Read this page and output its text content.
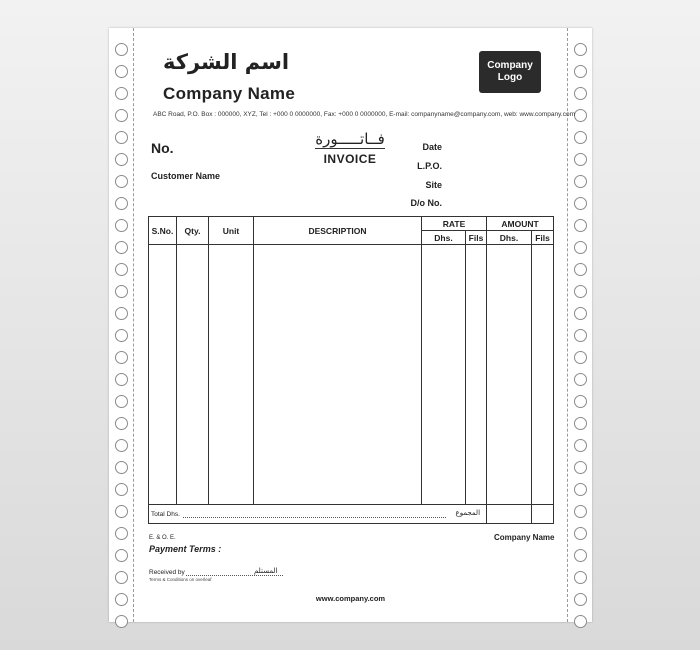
اسم الشركة
Company Name
ABC Road, P.O. Box : 000000, XYZ, Tel : +000 0 0000000, Fax: +000 0 0000000, E-mail: companyname@company.com, web: www.company.com
Company Logo
No.
Customer Name
فــاتـــــورة
INVOICE
Date
L.P.O.
Site
D/o No.
S.No.	Qty.	Unit	DESCRIPTION	RATE		AMOUNT	
				Dhs.	Fils	Dhs.	Fils

Total Dhs. المجموع							

E. & O. E.
Payment Terms :
Company Name
Received by	المستلم
Terms & Conditions on overleaf
www.company.com
